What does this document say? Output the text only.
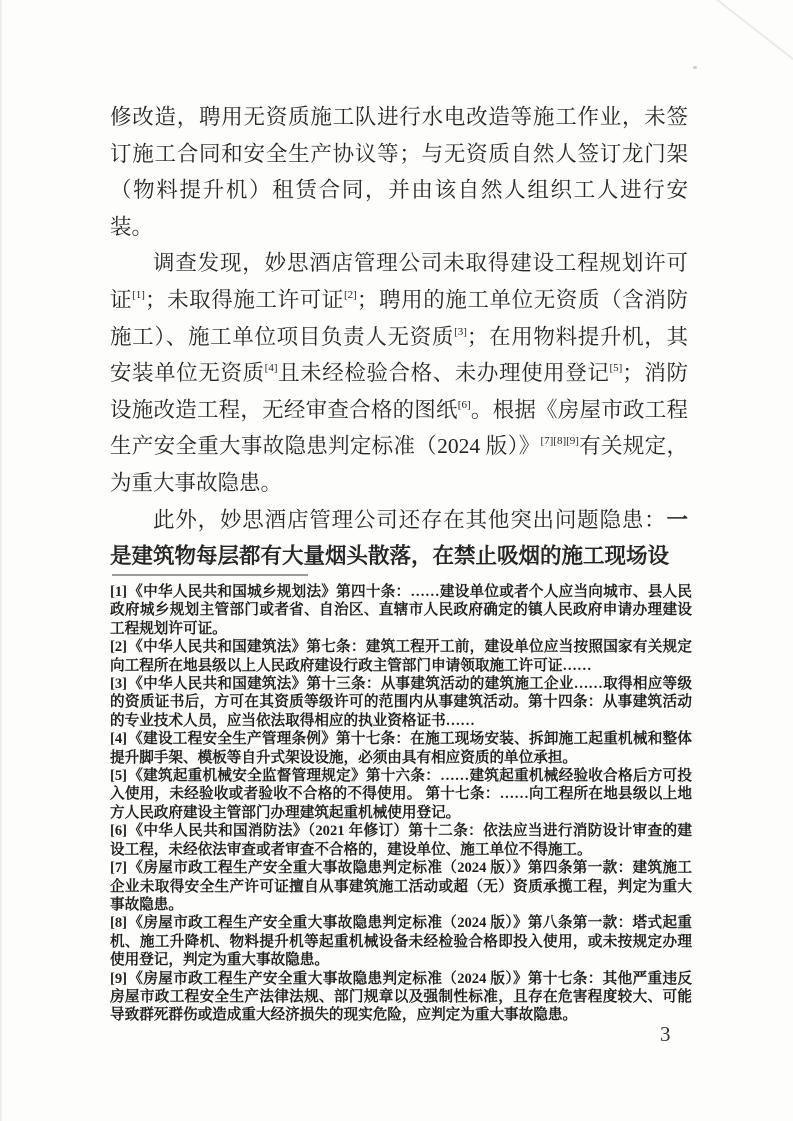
修改造，聘用无资质施工队进行水电改造等施工作业，未签订施工合同和安全生产协议等；与无资质自然人签订龙门架（物料提升机）租赁合同，并由该自然人组织工人进行安装。
调查发现，妙思酒店管理公司未取得建设工程规划许可证[1]；未取得施工许可证[2]；聘用的施工单位无资质（含消防施工）、施工单位项目负责人无资质[3]；在用物料提升机，其安装单位无资质[4]且未经检验合格、未办理使用登记[5]；消防设施改造工程，无经审查合格的图纸[6]。根据《房屋市政工程生产安全重大事故隐患判定标准（2024 版）》[7][8][9]有关规定，为重大事故隐患。
此外，妙思酒店管理公司还存在其他突出问题隐患：一是建筑物每层都有大量烟头散落，在禁止吸烟的施工现场设
[1]《中华人民共和国城乡规划法》第四十条：……建设单位或者个人应当向城市、县人民政府城乡规划主管部门或者省、自治区、直辖市人民政府确定的镇人民政府申请办理建设工程规划许可证。
[2]《中华人民共和国建筑法》第七条：建筑工程开工前，建设单位应当按照国家有关规定向工程所在地县级以上人民政府建设行政主管部门申请领取施工许可证……
[3]《中华人民共和国建筑法》第十三条：从事建筑活动的建筑施工企业……取得相应等级的资质证书后，方可在其资质等级许可的范围内从事建筑活动。第十四条：从事建筑活动的专业技术人员，应当依法取得相应的执业资格证书……
[4]《建设工程安全生产管理条例》第十七条：在施工现场安装、拆卸施工起重机械和整体提升脚手架、模板等自升式架设设施，必须由具有相应资质的单位承担。
[5]《建筑起重机械安全监督管理规定》第十六条：……建筑起重机械经验收合格后方可投入使用，未经验收或者验收不合格的不得使用。 第十七条：……向工程所在地县级以上地方人民政府建设主管部门办理建筑起重机械使用登记。
[6]《中华人民共和国消防法》（2021 年修订）第十二条：依法应当进行消防设计审查的建设工程，未经依法审查或者审查不合格的，建设单位、施工单位不得施工。
[7]《房屋市政工程生产安全重大事故隐患判定标准（2024 版）》第四条第一款：建筑施工企业未取得安全生产许可证擅自从事建筑施工活动或超（无）资质承揽工程，判定为重大事故隐患。
[8]《房屋市政工程生产安全重大事故隐患判定标准（2024 版）》第八条第一款：塔式起重机、施工升降机、物料提升机等起重机械设备未经检验合格即投入使用，或未按规定办理使用登记，判定为重大事故隐患。
[9]《房屋市政工程生产安全重大事故隐患判定标准（2024 版）》第十七条：其他严重违反房屋市政工程安全生产法律法规、部门规章以及强制性标准，且存在危害程度较大、可能导致群死群伤或造成重大经济损失的现实危险，应判定为重大事故隐患。
3
